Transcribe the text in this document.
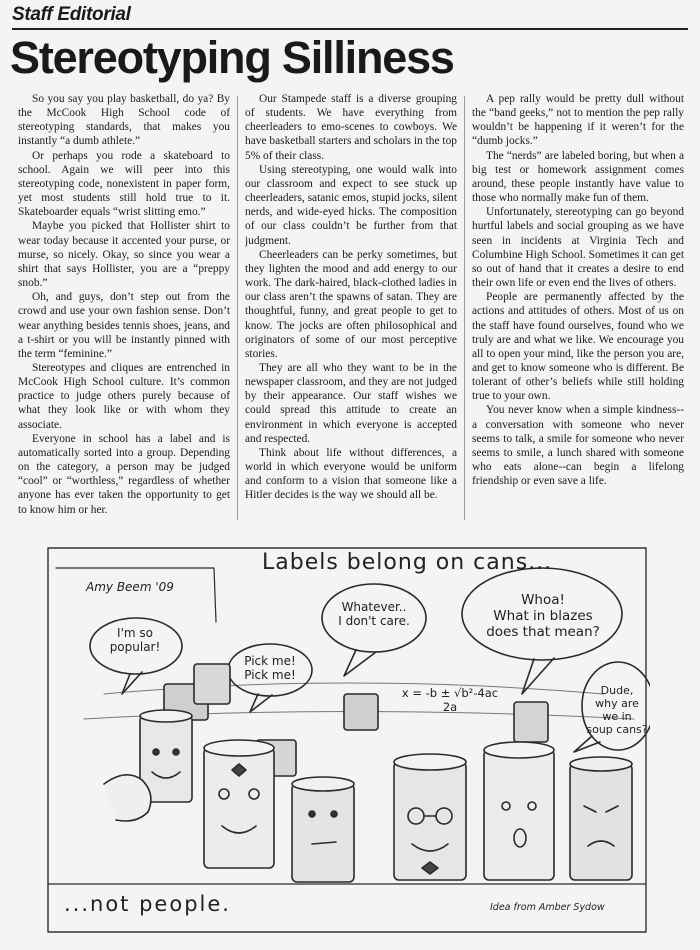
Staff Editorial
Stereotyping Silliness

So you say you play basketball, do ya? By the McCook High School code of stereotyping standards, that makes you instantly “a dumb athlete.”

Or perhaps you rode a skateboard to school. Again we will peer into this stereotyping code, nonexistent in paper form, yet most students still hold true to it. Skateboarder equals “wrist slitting emo.”

Maybe you picked that Hollister shirt to wear today because it accented your purse, or murse, so nicely. Okay, so since you wear a shirt that says Hollister, you are a “preppy snob.”

Oh, and guys, don’t step out from the crowd and use your own fashion sense. Don’t wear anything besides tennis shoes, jeans, and a t-shirt or you will be instantly pinned with the term “feminine.”

Stereotypes and cliques are entrenched in McCook High School culture. It’s common practice to judge others purely because of what they look like or with whom they associate.

Everyone in school has a label and is automatically sorted into a group. Depending on the category, a person may be judged “cool” or “worthless,” regardless of whether anyone has ever taken the opportunity to get to know him or her.

Our Stampede staff is a diverse grouping of students. We have everything from cheerleaders to emo-scenes to cowboys. We have basketball starters and scholars in the top 5% of their class.

Using stereotyping, one would walk into our classroom and expect to see stuck up cheerleaders, satanic emos, stupid jocks, silent nerds, and wide-eyed hicks. The composition of our class couldn’t be further from that judgment.

Cheerleaders can be perky sometimes, but they lighten the mood and add energy to our work. The dark-haired, black-clothed ladies in our class aren’t the spawns of satan. They are thoughtful, funny, and great people to get to know. The jocks are often philosophical and originators of some of our most perceptive stories.

They are all who they want to be in the newspaper classroom, and they are not judged by their appearance. Our staff wishes we could spread this attitude to create an environment in which everyone is accepted and respected.

Think about life without differences, a world in which everyone would be uniform and conform to a vision that someone like a Hitler decides is the way we should all be.

A pep rally would be pretty dull without the “band geeks,” not to mention the pep rally wouldn’t be happening if it weren’t for the “dumb jocks.”

The “nerds” are labeled boring, but when a big test or homework assignment comes around, these people instantly have value to those who normally make fun of them.

Unfortunately, stereotyping can go beyond hurtful labels and social grouping as we have seen in incidents at Virginia Tech and Columbine High School. Sometimes it can get so out of hand that it creates a desire to end their own life or even end the lives of others.

People are permanently affected by the actions and attitudes of others. Most of us on the staff have found ourselves, found who we truly are and what we like. We encourage you all to open your mind, like the person you are, and get to know someone who is different. Be tolerant of other’s beliefs while still holding true to your own.

You never know when a simple kindness--a conversation with someone who never seems to talk, a smile for someone who never seems to smile, a lunch shared with someone who eats alone--can begin a lifelong friendship or even save a life.

Labels belong on cans...
Amy Beem '09
I'm so
popular!
Pick me!
Pick me!
Whatever..
I don't care.
Whoa!
What in blazes
does that mean?
Dude,
why are
we in
soup cans?
x = -b ± √b²-4ac
2a
...not people.	Idea from Amber Sydow
